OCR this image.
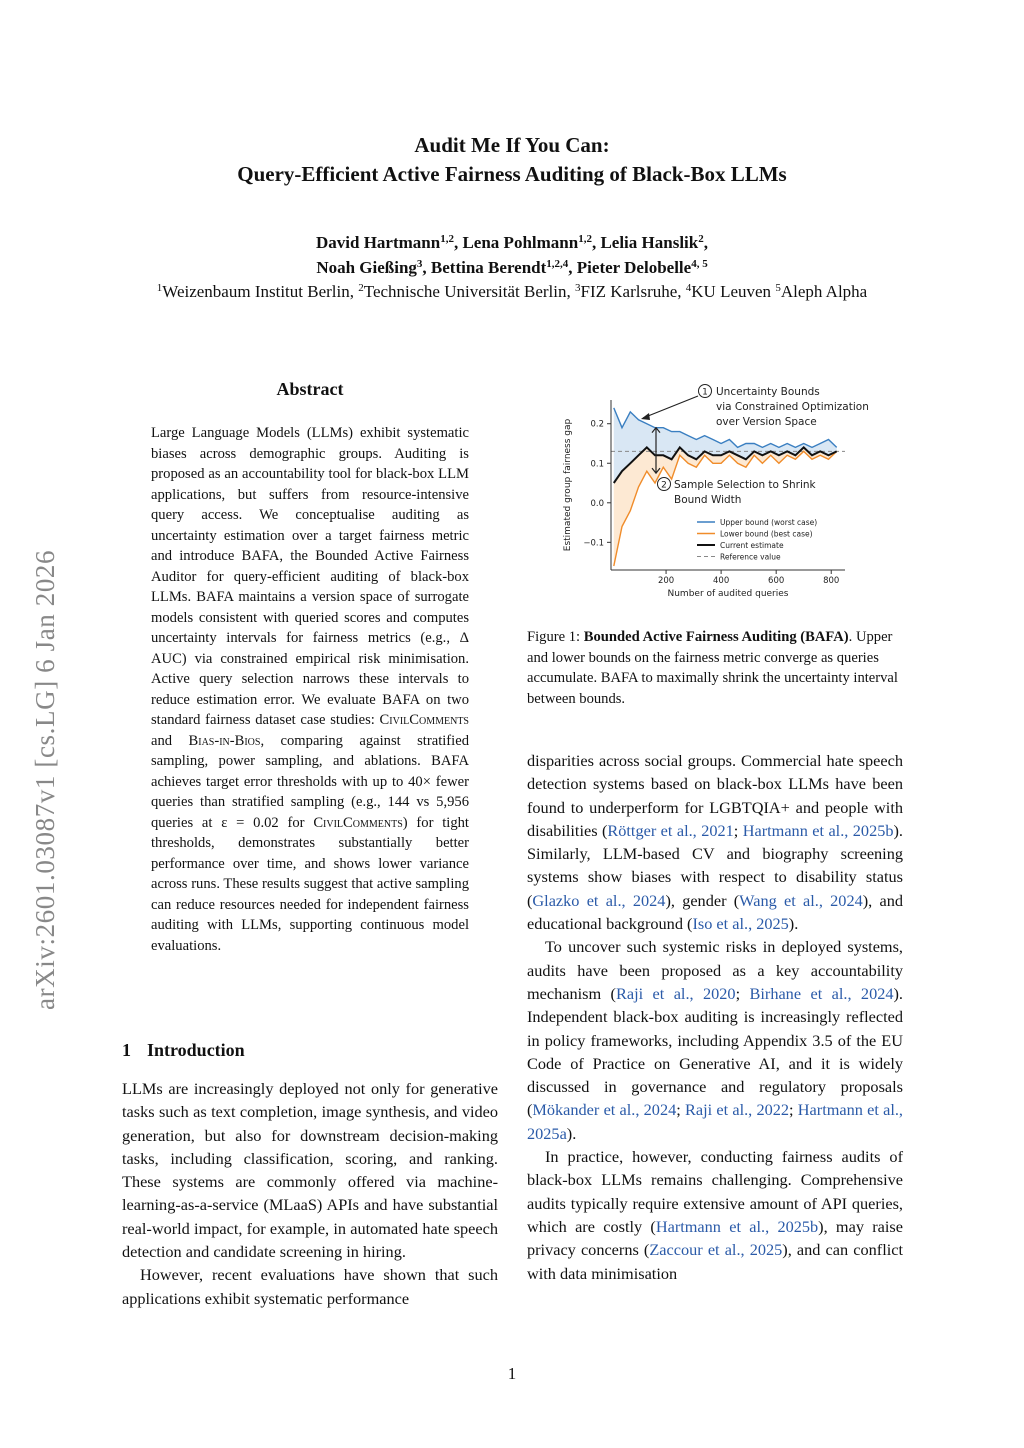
arXiv:2601.03087v1 [cs.LG] 6 Jan 2026
Audit Me If You Can:
Query-Efficient Active Fairness Auditing of Black-Box LLMs
David Hartmann$^{1,2}$, Lena Pohlmann$^{1,2}$, Lelia Hanslik$^2$,
Noah Gießing$^3$, Bettina Berendt$^{1,2,4}$, Pieter Delobelle$^{4, 5}$
$^1$Weizenbaum Institut Berlin, $^2$Technische Universität Berlin, $^3$FIZ Karlsruhe, $^4$KU Leuven $^5$Aleph Alpha
Abstract
Large Language Models (LLMs) exhibit systematic biases across demographic groups. Auditing is proposed as an accountability tool for black-box LLM applications, but suffers from resource-intensive query access. We conceptualise auditing as uncertainty estimation over a target fairness metric and introduce BAFA, the Bounded Active Fairness Auditor for query-efficient auditing of black-box LLMs. BAFA maintains a version space of surrogate models consistent with queried scores and computes uncertainty intervals for fairness metrics (e.g., Δ AUC) via constrained empirical risk minimisation. Active query selection narrows these intervals to reduce estimation error. We evaluate BAFA on two standard fairness dataset case studies: CivilComments and Bias-in-Bios, comparing against stratified sampling, power sampling, and ablations. BAFA achieves target error thresholds with up to 40× fewer queries than stratified sampling (e.g., 144 vs 5,956 queries at ε = 0.02 for CivilComments) for tight thresholds, demonstrates substantially better performance over time, and shows lower variance across runs. These results suggest that active sampling can reduce resources needed for independent fairness auditing with LLMs, supporting continuous model evaluations.
1 Introduction

LLMs are increasingly deployed not only for generative tasks such as text completion, image synthesis, and video generation, but also for downstream decision-making tasks, including classification, scoring, and ranking. These systems are commonly offered via machine-learning-as-a-service (MLaaS) APIs and have substantial real-world impact, for example, in automated hate speech detection and candidate screening in hiring.

However, recent evaluations have shown that such applications exhibit systematic performance

200	400	600	800
−0.1
0.0
0.1
0.2
Number of audited queries
Estimated group fairness gap	Upper bound (worst case)
Lower bound (best case)
Current estimate
Reference value
1 Uncertainty Bounds
via Constrained Optimization
over Version Space
2 Sample Selection to Shrink
Bound Width
Figure 1: Bounded Active Fairness Auditing (BAFA). Upper and lower bounds on the fairness metric converge as queries accumulate. BAFA to maximally shrink the uncertainty interval between bounds.

disparities across social groups. Commercial hate speech detection systems based on black-box LLMs have been found to underperform for LGBTQIA+ and people with disabilities (Röttger et al., 2021; Hartmann et al., 2025b). Similarly, LLM-based CV and biography screening systems show biases with respect to disability status (Glazko et al., 2024), gender (Wang et al., 2024), and educational background (Iso et al., 2025).

To uncover such systemic risks in deployed systems, audits have been proposed as a key accountability mechanism (Raji et al., 2020; Birhane et al., 2024). Independent black-box auditing is increasingly reflected in policy frameworks, including Appendix 3.5 of the EU Code of Practice on Generative AI, and it is widely discussed in governance and regulatory proposals (Mökander et al., 2024; Raji et al., 2022; Hartmann et al., 2025a).

In practice, however, conducting fairness audits of black-box LLMs remains challenging. Comprehensive audits typically require extensive amount of API queries, which are costly (Hartmann et al., 2025b), may raise privacy concerns (Zaccour et al., 2025), and can conflict with data minimisation

1
